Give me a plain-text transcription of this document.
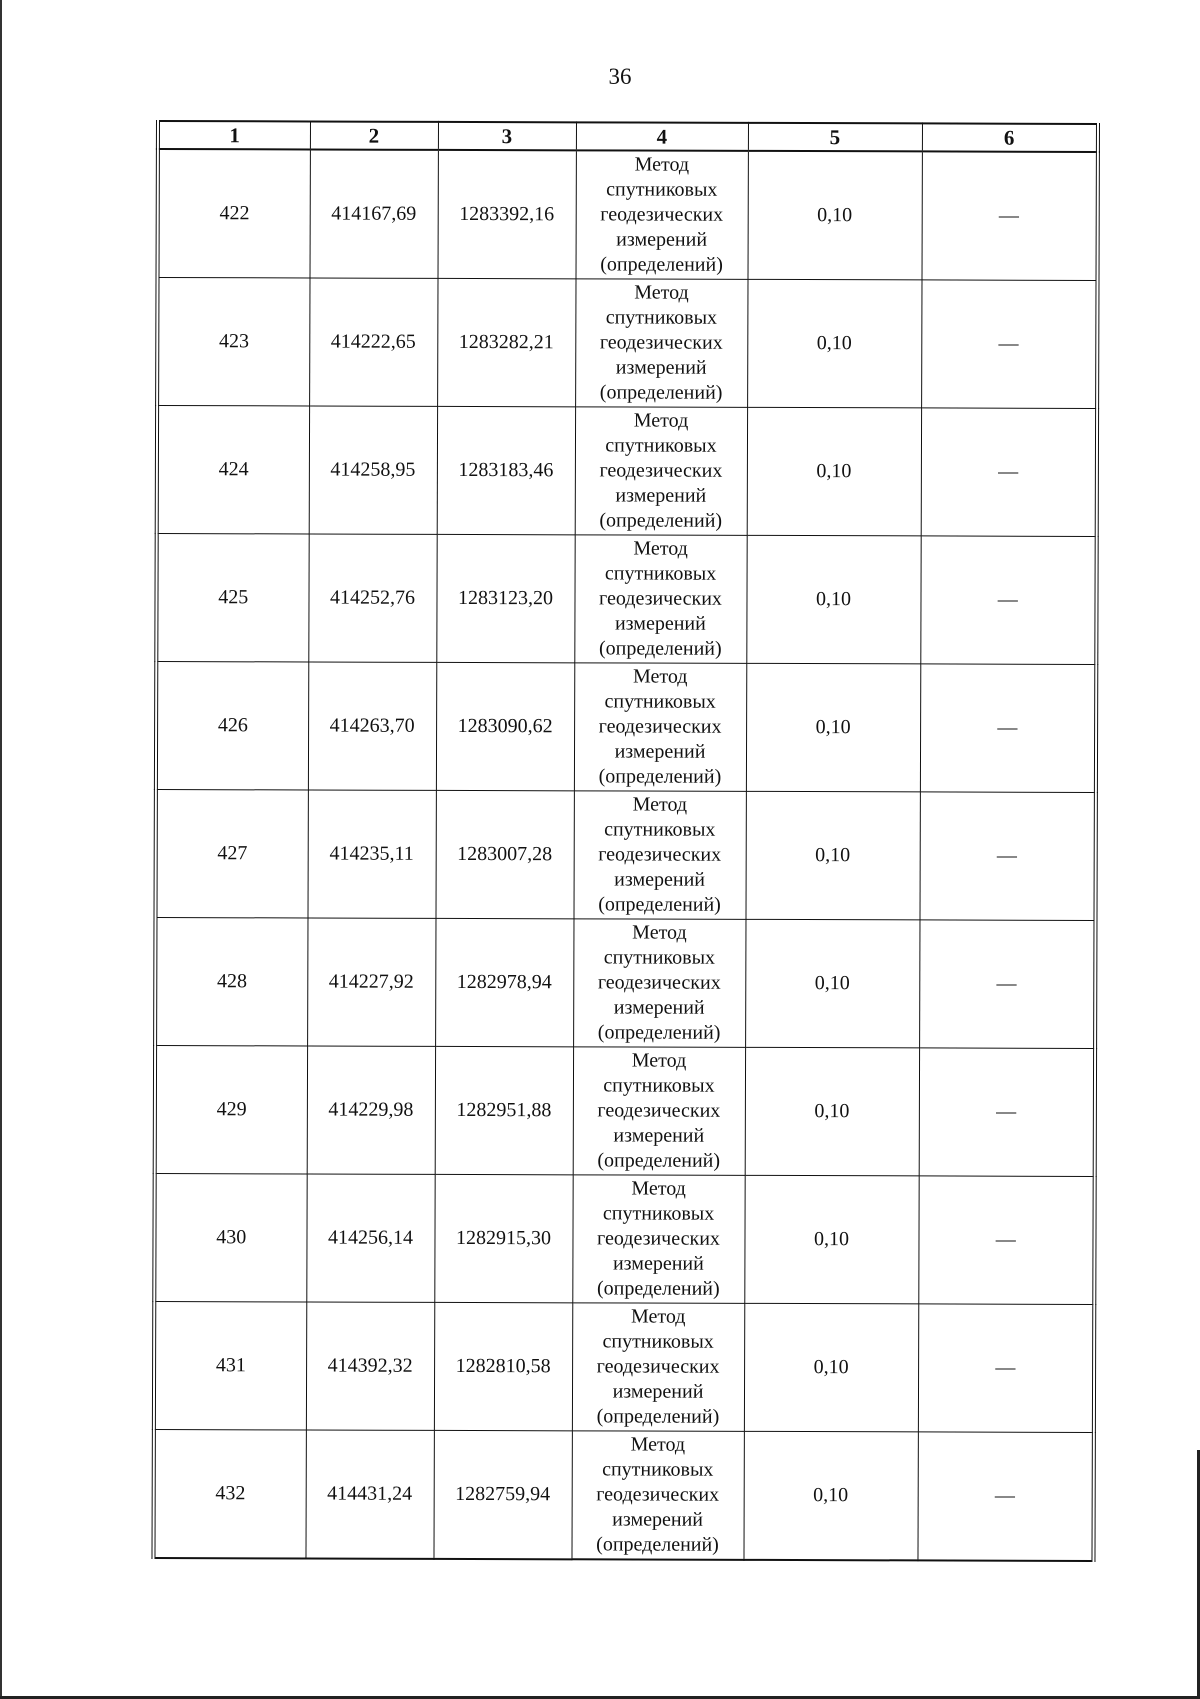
36
1	2	3	4	5	6
422	414167,69	1283392,16	Метод спутниковых геодезических измерений (определений)	0,10	—
423	414222,65	1283282,21	Метод спутниковых геодезических измерений (определений)	0,10	—
424	414258,95	1283183,46	Метод спутниковых геодезических измерений (определений)	0,10	—
425	414252,76	1283123,20	Метод спутниковых геодезических измерений (определений)	0,10	—
426	414263,70	1283090,62	Метод спутниковых геодезических измерений (определений)	0,10	—
427	414235,11	1283007,28	Метод спутниковых геодезических измерений (определений)	0,10	—
428	414227,92	1282978,94	Метод спутниковых геодезических измерений (определений)	0,10	—
429	414229,98	1282951,88	Метод спутниковых геодезических измерений (определений)	0,10	—
430	414256,14	1282915,30	Метод спутниковых геодезических измерений (определений)	0,10	—
431	414392,32	1282810,58	Метод спутниковых геодезических измерений (определений)	0,10	—
432	414431,24	1282759,94	Метод спутниковых геодезических измерений (определений)	0,10	—
